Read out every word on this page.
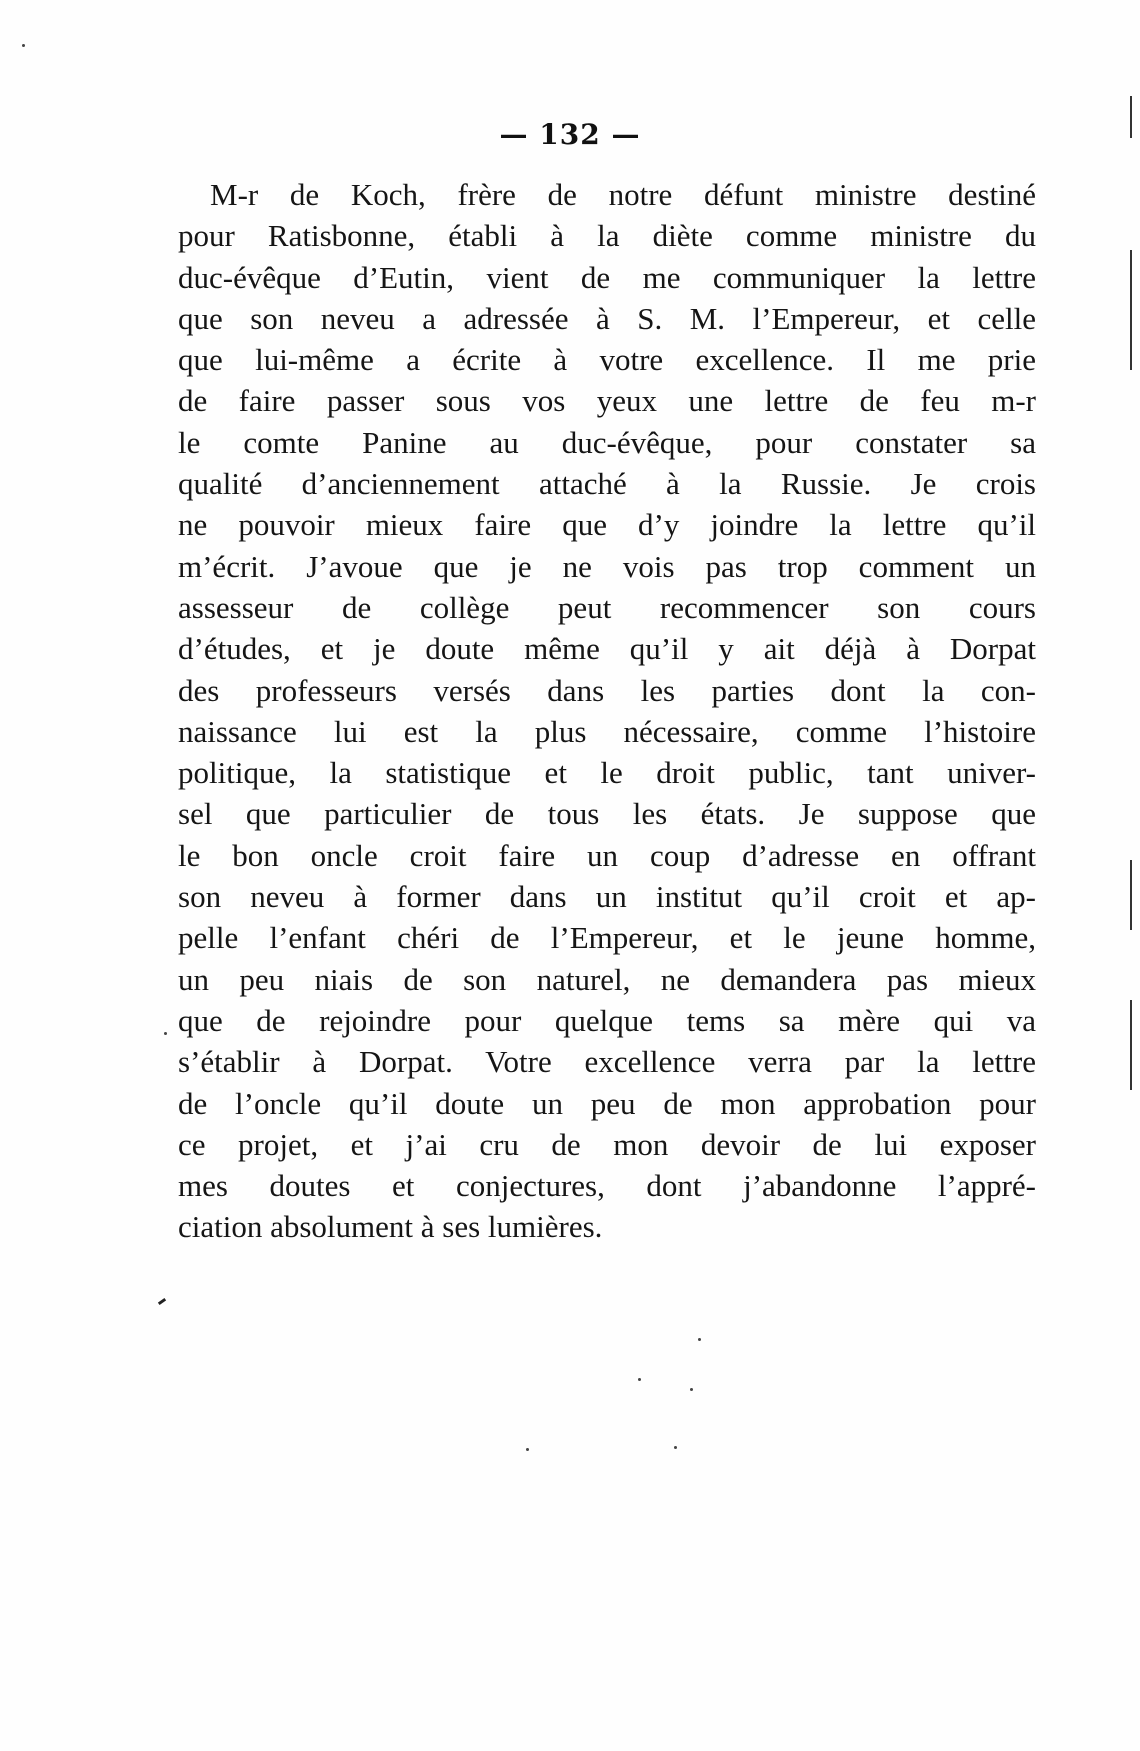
— 132 —
M-r de Koch, frère de notre défunt ministre destiné
pour Ratisbonne, établi à la diète comme ministre du
duc-évêque d’Eutin, vient de me communiquer la lettre
que son neveu a adressée à S. M. l’Empereur, et celle
que lui-même a écrite à votre excellence. Il me prie
de faire passer sous vos yeux une lettre de feu m-r
le comte Panine au duc-évêque, pour constater sa
qualité d’anciennement attaché à la Russie. Je crois
ne pouvoir mieux faire que d’y joindre la lettre qu’il
m’écrit. J’avoue que je ne vois pas trop comment un
assesseur de collège peut recommencer son cours
d’études, et je doute même qu’il y ait déjà à Dorpat
des professeurs versés dans les parties dont la con-
naissance lui est la plus nécessaire, comme l’histoire
politique, la statistique et le droit public, tant univer-
sel que particulier de tous les états. Je suppose que
le bon oncle croit faire un coup d’adresse en offrant
son neveu à former dans un institut qu’il croit et ap-
pelle l’enfant chéri de l’Empereur, et le jeune homme,
un peu niais de son naturel, ne demandera pas mieux
que de rejoindre pour quelque tems sa mère qui va
s’établir à Dorpat. Votre excellence verra par la lettre
de l’oncle qu’il doute un peu de mon approbation pour
ce projet, et j’ai cru de mon devoir de lui exposer
mes doutes et conjectures, dont j’abandonne l’appré-
ciation absolument à ses lumières.
